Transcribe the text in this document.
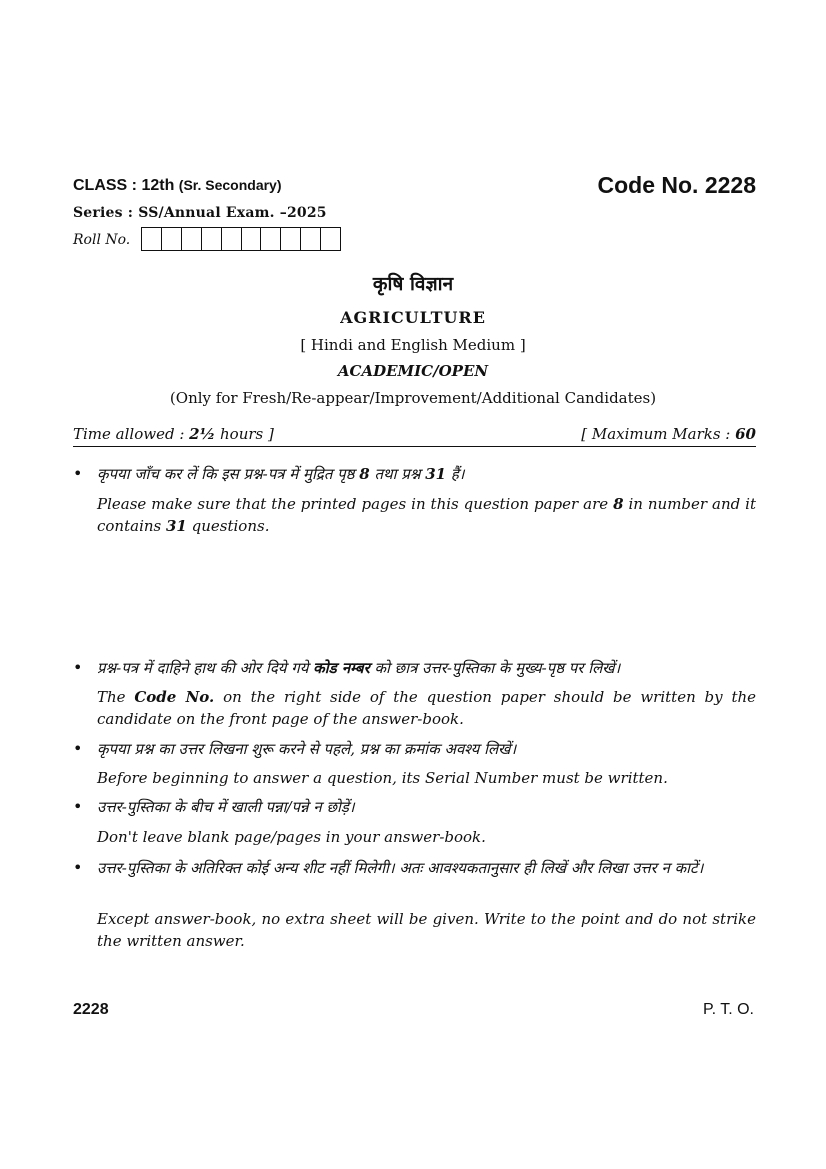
CLASS : 12th (Sr. Secondary)	Code No. 2228
Series : SS/Annual Exam. –2025
Roll No.
कृषि विज्ञान
AGRICULTURE
[ Hindi and English Medium ]
ACADEMIC/OPEN
(Only for Fresh/Re-appear/Improvement/Additional Candidates)
Time allowed : 2½ hours ]	[ Maximum Marks : 60
• कृपया जाँच कर लें कि इस प्रश्न-पत्र में मुद्रित पृष्ठ 8 तथा प्रश्न 31 हैं।
Please make sure that the printed pages in this question paper are 8 in number and it contains 31 questions.
• प्रश्न-पत्र में दाहिने हाथ की ओर दिये गये कोड नम्बर को छात्र उत्तर-पुस्तिका के मुख्य-पृष्ठ पर लिखें।
The Code No. on the right side of the question paper should be written by the candidate on the front page of the answer-book.
• कृपया प्रश्न का उत्तर लिखना शुरू करने से पहले, प्रश्न का क्रमांक अवश्य लिखें।
Before beginning to answer a question, its Serial Number must be written.
• उत्तर-पुस्तिका के बीच में खाली पन्ना/पन्ने न छोड़ें।
Don't leave blank page/pages in your answer-book.
• उत्तर-पुस्तिका के अतिरिक्त कोई अन्य शीट नहीं मिलेगी। अतः आवश्यकतानुसार ही लिखें और लिखा उत्तर न काटें।
Except answer-book, no extra sheet will be given. Write to the point and do not strike the written answer.
2228	P. T. O.
